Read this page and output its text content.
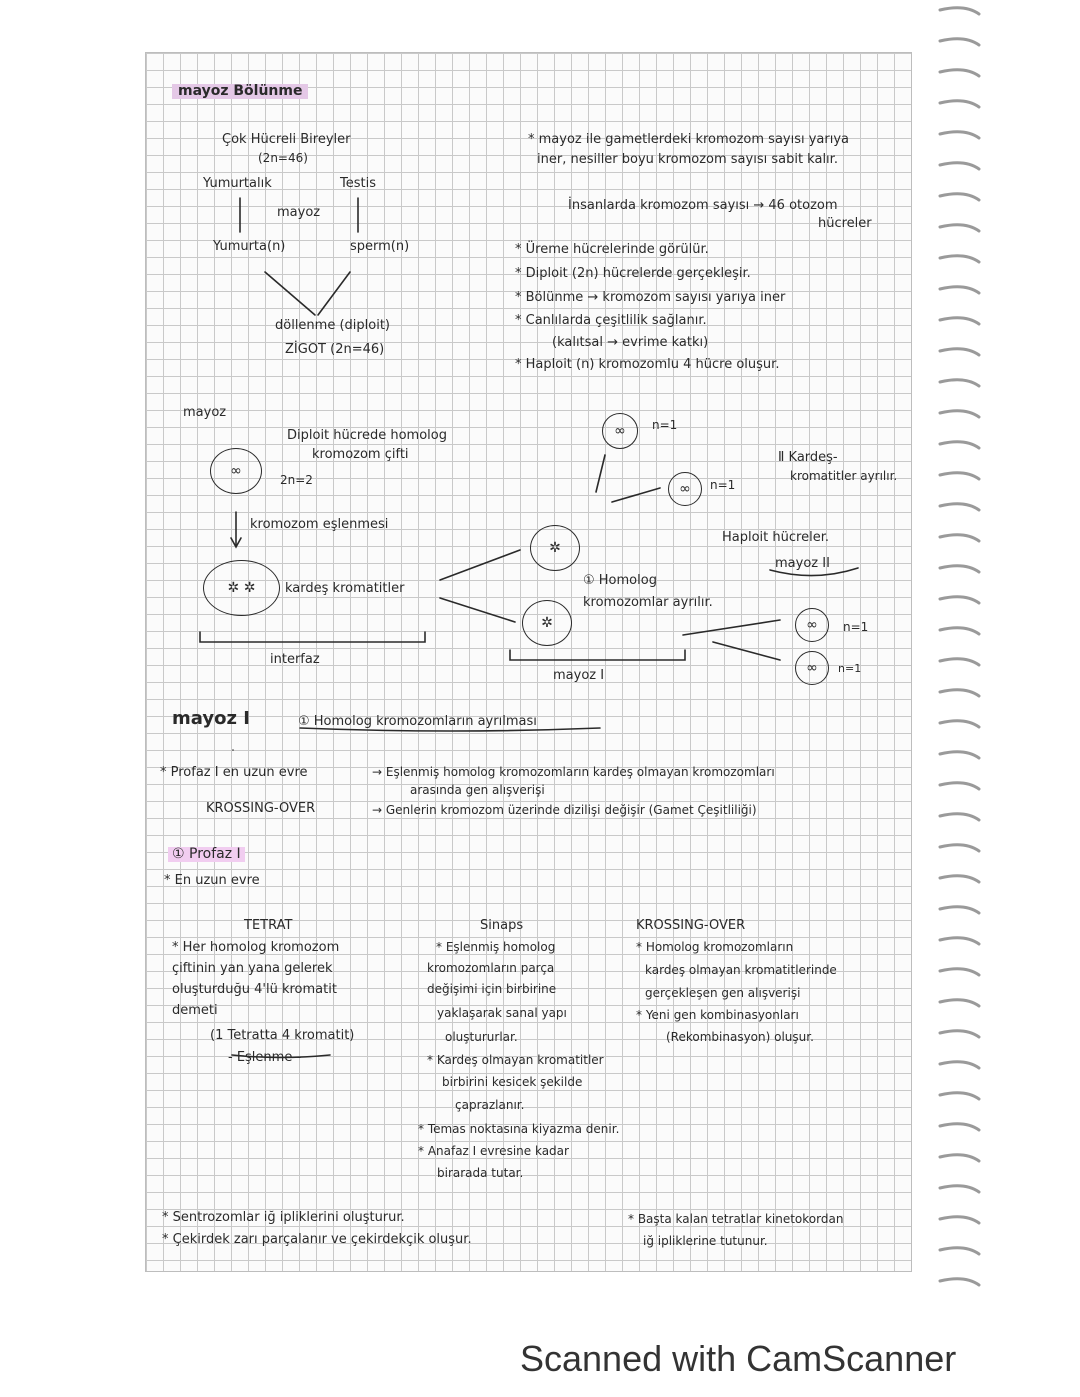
mayoz Bölünme
Çok Hücreli Bireyler
(2n=46)
Yumurtalık	Testis
mayoz
Yumurta(n)	sperm(n)
döllenme (diploit)
ZİGOT (2n=46)
* mayoz ile gametlerdeki kromozom sayısı yarıya
iner, nesiller boyu kromozom sayısı sabit kalır.
İnsanlarda kromozom sayısı → 46 otozom
hücreler
* Üreme hücrelerinde görülür.
* Diploit (2n) hücrelerde gerçekleşir.
* Bölünme → kromozom sayısı yarıya iner
* Canlılarda çeşitlilik sağlanır.
(kalıtsal → evrime katkı)
* Haploit (n) kromozomlu 4 hücre oluşur.
mayoz
Diploit hücrede homolog
kromozom çifti
∞
2n=2
kromozom eşlenmesi
✲ ✲	kardeş kromatitler
interfaz
✲
✲
① Homolog
kromozomlar ayrılır.
mayoz I
∞	n=1
∞	n=1
Ⅱ Kardeş-
kromatitler ayrılır.
Haploit hücreler.
mayoz II
∞	n=1
∞	n=1
mayoz I	① Homolog kromozomların ayrılması
* Profaz I en uzun evre	→ Eşlenmiş homolog kromozomların kardeş olmayan kromozomları
arasında gen alışverişi
KROSSING-OVER	→ Genlerin kromozom üzerinde dizilişi değişir (Gamet Çeşitliliği)
① Profaz I
* En uzun evre
TETRAT
* Her homolog kromozom
çiftinin yan yana gelerek
oluşturduğu 4'lü kromatit
demeti
(1 Tetratta 4 kromatit)
- Eşlenme -
Sinaps
* Eşlenmiş homolog
kromozomların parça
değişimi için birbirine
yaklaşarak sanal yapı
oluştururlar.
* Kardeş olmayan kromatitler
birbirini kesicek şekilde
çaprazlanır.
* Temas noktasına kiyazma denir.
* Anafaz I evresine kadar
birarada tutar.
KROSSING-OVER
* Homolog kromozomların
kardeş olmayan kromatitlerinde
gerçekleşen gen alışverişi
* Yeni gen kombinasyonları
(Rekombinasyon) oluşur.
* Sentrozomlar iğ ipliklerini oluşturur.
* Çekirdek zarı parçalanır ve çekirdekçik oluşur.
* Başta kalan tetratlar kinetokordan
iğ ipliklerine tutunur.
Scanned with CamScanner
